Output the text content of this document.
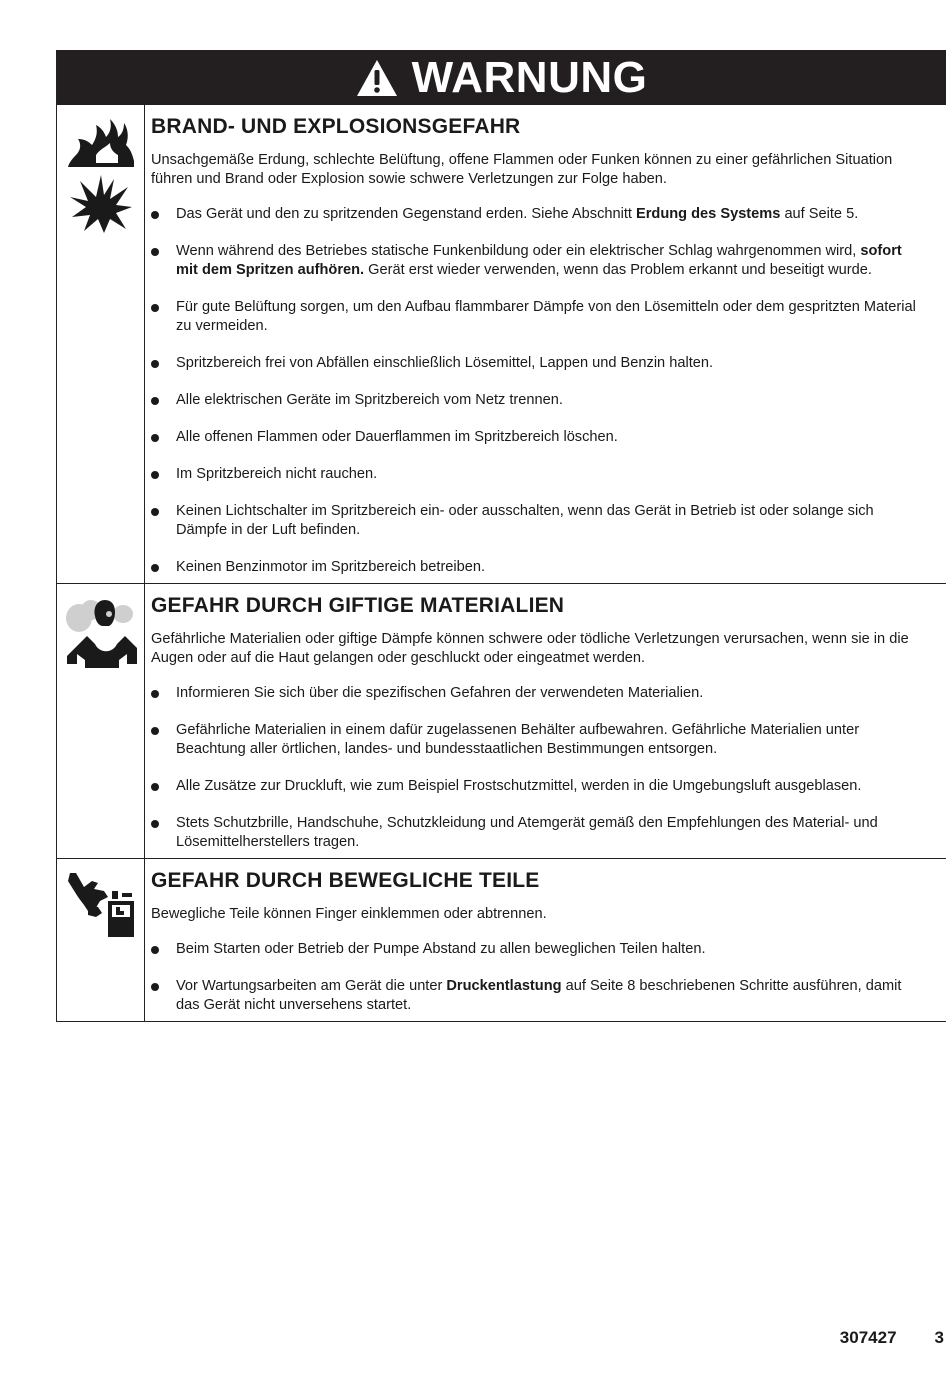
WARNUNG
BRAND- UND EXPLOSIONSGEFAHR

Unsachgemäße Erdung, schlechte Belüftung, offene Flammen oder Funken können zu einer gefährlichen Situation führen und Brand oder Explosion sowie schwere Verletzungen zur Folge haben.

Das Gerät und den zu spritzenden Gegenstand erden. Siehe Abschnitt Erdung des Systems auf Seite 5.
Wenn während des Betriebes statische Funkenbildung oder ein elektrischer Schlag wahrgenommen wird, sofort mit dem Spritzen aufhören. Gerät erst wieder verwenden, wenn das Problem erkannt und beseitigt wurde.
Für gute Belüftung sorgen, um den Aufbau flammbarer Dämpfe von den Lösemitteln oder dem gespritzten Material zu vermeiden.
Spritzbereich frei von Abfällen einschließlich Lösemittel, Lappen und Benzin halten.
Alle elektrischen Geräte im Spritzbereich vom Netz trennen.
Alle offenen Flammen oder Dauerflammen im Spritzbereich löschen.
Im Spritzbereich nicht rauchen.
Keinen Lichtschalter im Spritzbereich ein- oder ausschalten, wenn das Gerät in Betrieb ist oder solange sich Dämpfe in der Luft befinden.
Keinen Benzinmotor im Spritzbereich betreiben.
GEFAHR DURCH GIFTIGE MATERIALIEN

Gefährliche Materialien oder giftige Dämpfe können schwere oder tödliche Verletzungen verursachen, wenn sie in die Augen oder auf die Haut gelangen oder geschluckt oder eingeatmet werden.

Informieren Sie sich über die spezifischen Gefahren der verwendeten Materialien.
Gefährliche Materialien in einem dafür zugelassenen Behälter aufbewahren. Gefährliche Materialien unter Beachtung aller örtlichen, landes- und bundesstaatlichen Bestimmungen entsorgen.
Alle Zusätze zur Druckluft, wie zum Beispiel Frostschutzmittel, werden in die Umgebungsluft ausgeblasen.
Stets Schutzbrille, Handschuhe, Schutzkleidung und Atemgerät gemäß den Empfehlungen des Material- und Lösemittelherstellers tragen.
GEFAHR DURCH BEWEGLICHE TEILE

Bewegliche Teile können Finger einklemmen oder abtrennen.

Beim Starten oder Betrieb der Pumpe Abstand zu allen beweglichen Teilen halten.
Vor Wartungsarbeiten am Gerät die unter Druckentlastung auf Seite 8 beschriebenen Schritte ausführen, damit das Gerät nicht unversehens startet.
307427 3
